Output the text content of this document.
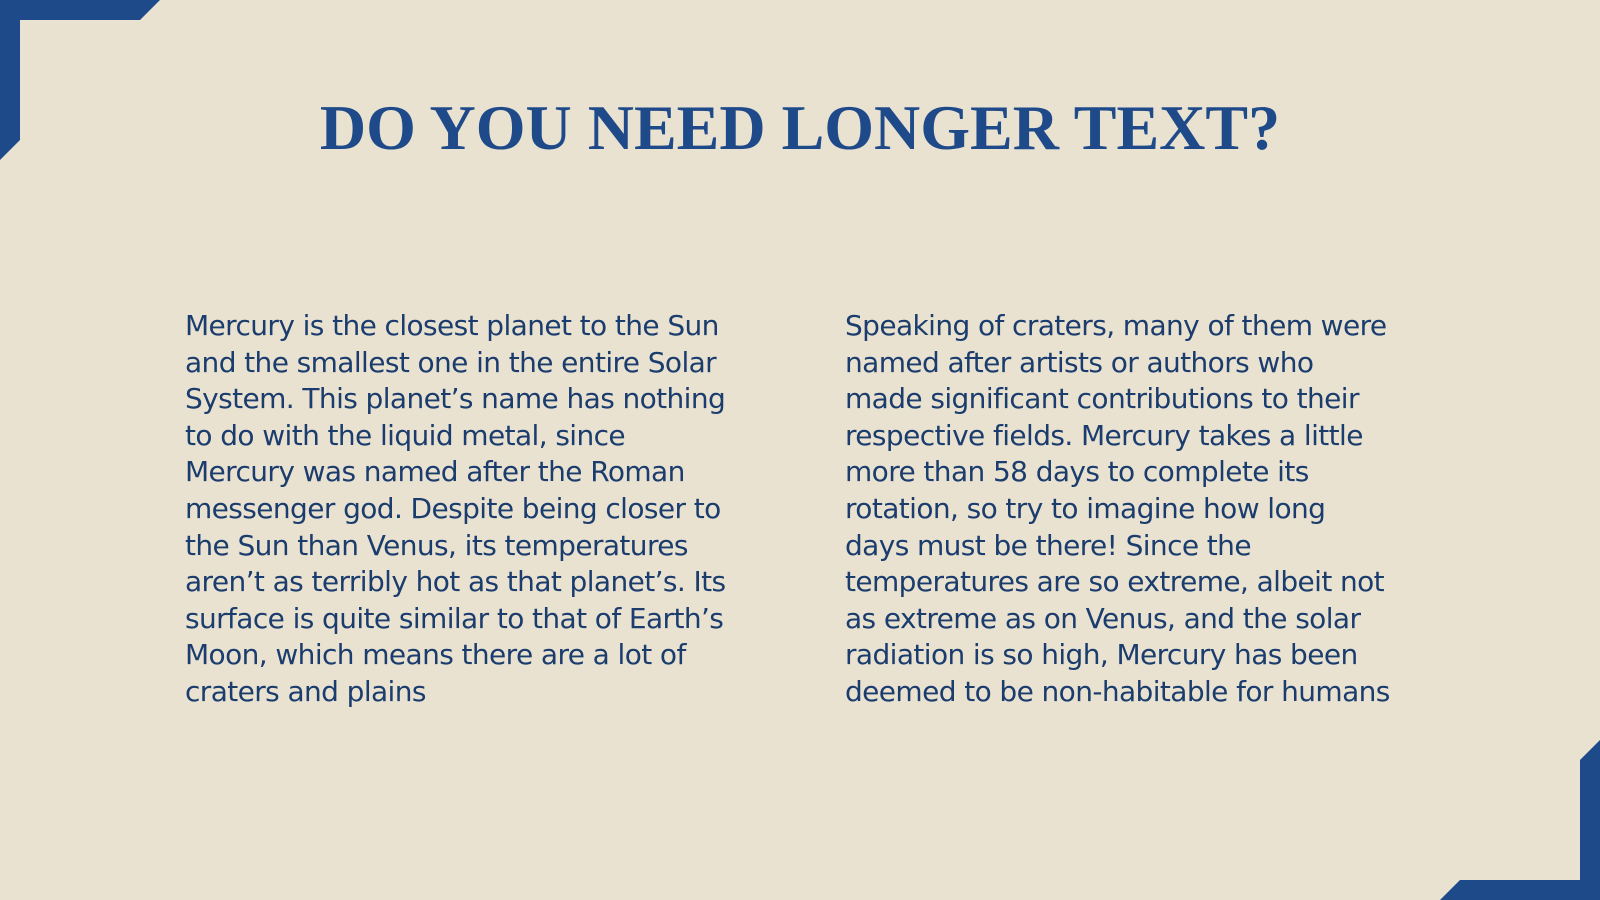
DO YOU NEED LONGER TEXT?

Mercury is the closest planet to the Sun
and the smallest one in the entire Solar
System. This planet’s name has nothing
to do with the liquid metal, since
Mercury was named after the Roman
messenger god. Despite being closer to
the Sun than Venus, its temperatures
aren’t as terribly hot as that planet’s. Its
surface is quite similar to that of Earth’s
Moon, which means there are a lot of
craters and plains

Speaking of craters, many of them were
named after artists or authors who
made significant contributions to their
respective fields. Mercury takes a little
more than 58 days to complete its
rotation, so try to imagine how long
days must be there! Since the
temperatures are so extreme, albeit not
as extreme as on Venus, and the solar
radiation is so high, Mercury has been
deemed to be non-habitable for humans
